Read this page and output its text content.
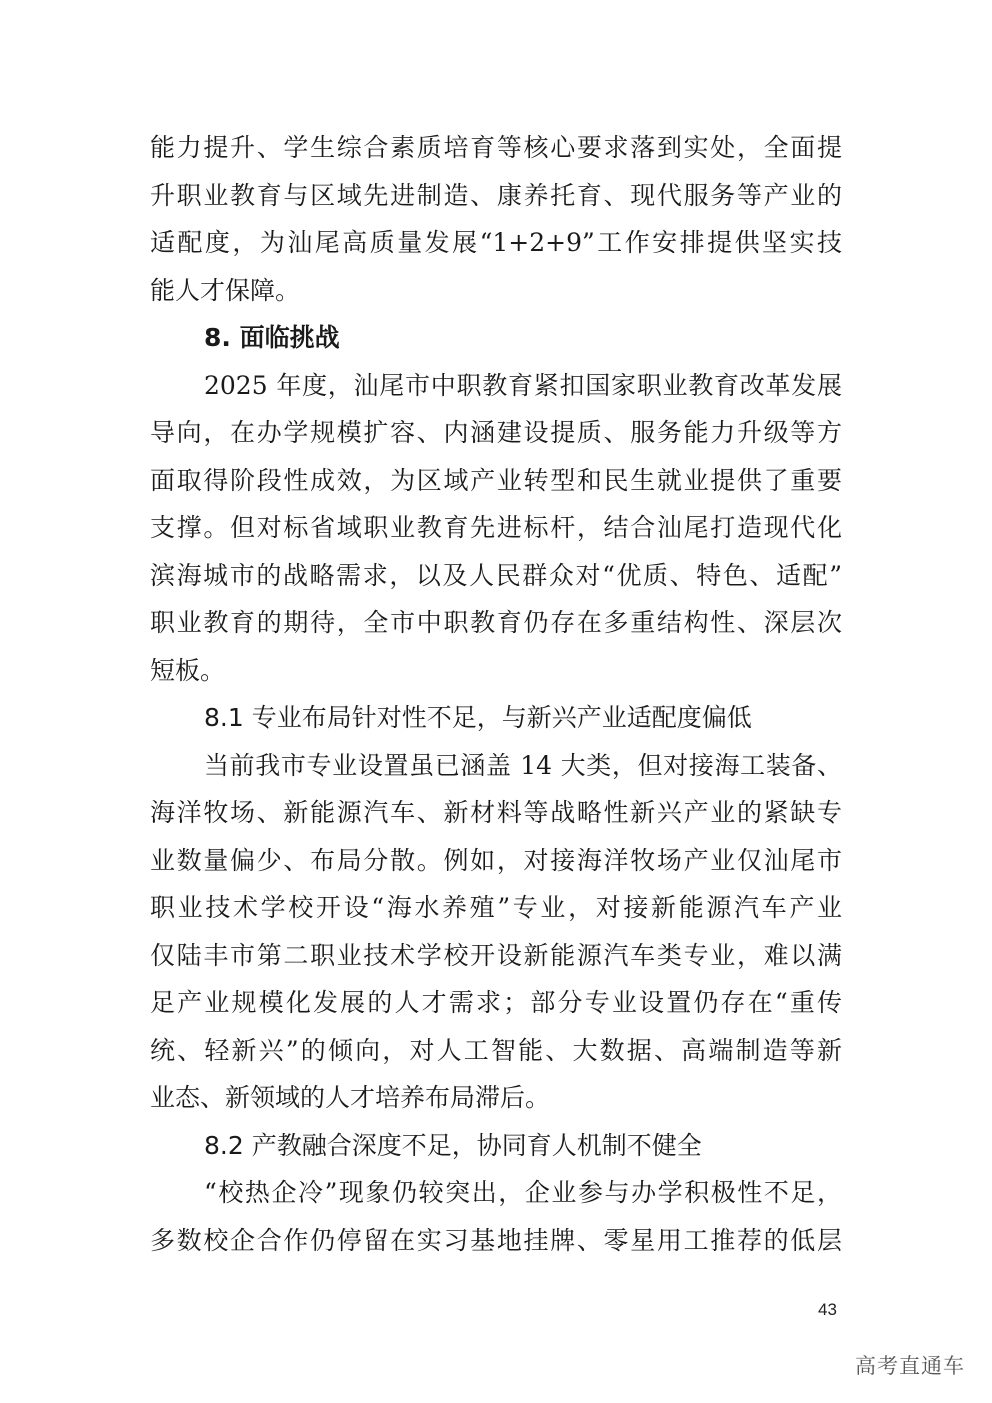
能力提升、学生综合素质培育等核心要求落到实处，全面提
升职业教育与区域先进制造、康养托育、现代服务等产业的
适配度，为汕尾高质量发展“1+2+9”工作安排提供坚实技
能人才保障。
8. 面临挑战
2025 年度，汕尾市中职教育紧扣国家职业教育改革发展
导向，在办学规模扩容、内涵建设提质、服务能力升级等方
面取得阶段性成效，为区域产业转型和民生就业提供了重要
支撑。但对标省域职业教育先进标杆，结合汕尾打造现代化
滨海城市的战略需求，以及人民群众对“优质、特色、适配”
职业教育的期待，全市中职教育仍存在多重结构性、深层次
短板。
8.1 专业布局针对性不足，与新兴产业适配度偏低
当前我市专业设置虽已涵盖 14 大类，但对接海工装备、
海洋牧场、新能源汽车、新材料等战略性新兴产业的紧缺专
业数量偏少、布局分散。例如，对接海洋牧场产业仅汕尾市
职业技术学校开设“海水养殖”专业，对接新能源汽车产业
仅陆丰市第二职业技术学校开设新能源汽车类专业，难以满
足产业规模化发展的人才需求；部分专业设置仍存在“重传
统、轻新兴”的倾向，对人工智能、大数据、高端制造等新
业态、新领域的人才培养布局滞后。
8.2 产教融合深度不足，协同育人机制不健全
“校热企冷”现象仍较突出，企业参与办学积极性不足，
多数校企合作仍停留在实习基地挂牌、零星用工推荐的低层
43
高考直通车
